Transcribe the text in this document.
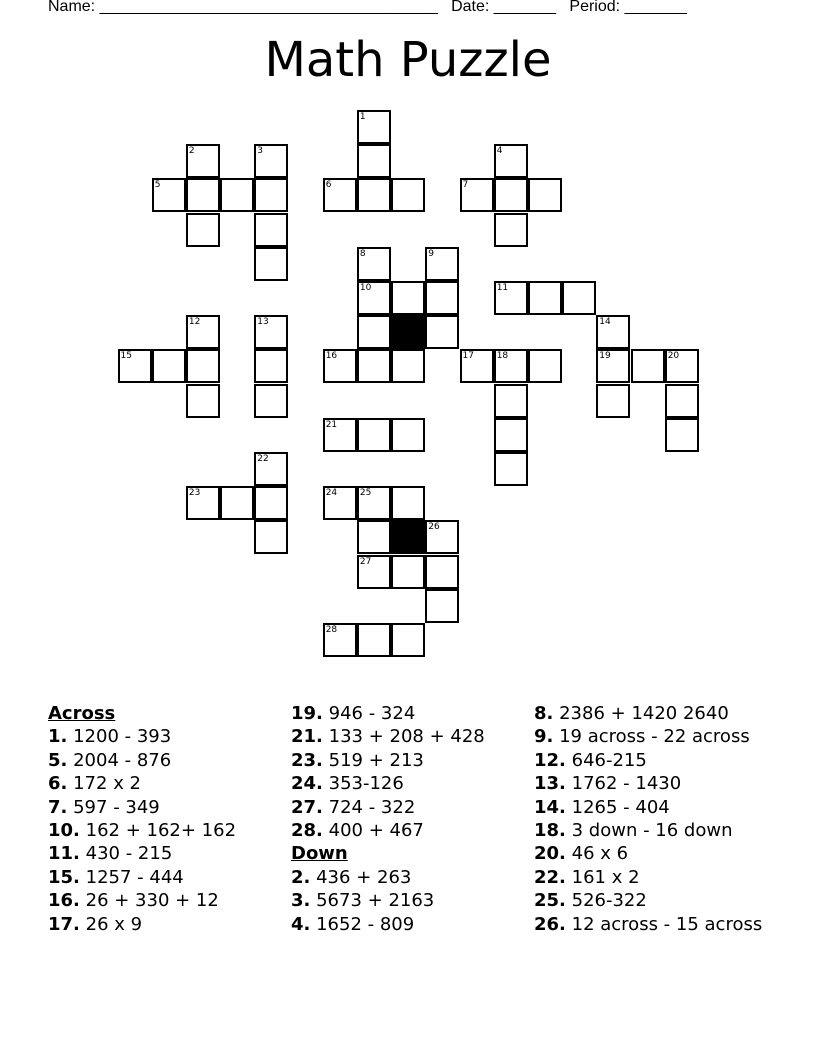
Name: ______________________________________ Date: _______ Period: _______
Math Puzzle
1
2	3	4
5	6	7
8	9
10	11
12	13	14
15	16	17	18	19	20
21
22
23	24	25
26
27
28
Across
1. 1200 - 393
5. 2004 - 876
6. 172 x 2
7. 597 - 349
10. 162 + 162+ 162
11. 430 - 215
15. 1257 - 444
16. 26 + 330 + 12
17. 26 x 9
19. 946 - 324
21. 133 + 208 + 428
23. 519 + 213
24. 353-126
27. 724 - 322
28. 400 + 467
Down
2. 436 + 263
3. 5673 + 2163
4. 1652 - 809
8. 2386 + 1420 2640
9. 19 across - 22 across
12. 646-215
13. 1762 - 1430
14. 1265 - 404
18. 3 down - 16 down
20. 46 x 6
22. 161 x 2
25. 526-322
26. 12 across - 15 across
